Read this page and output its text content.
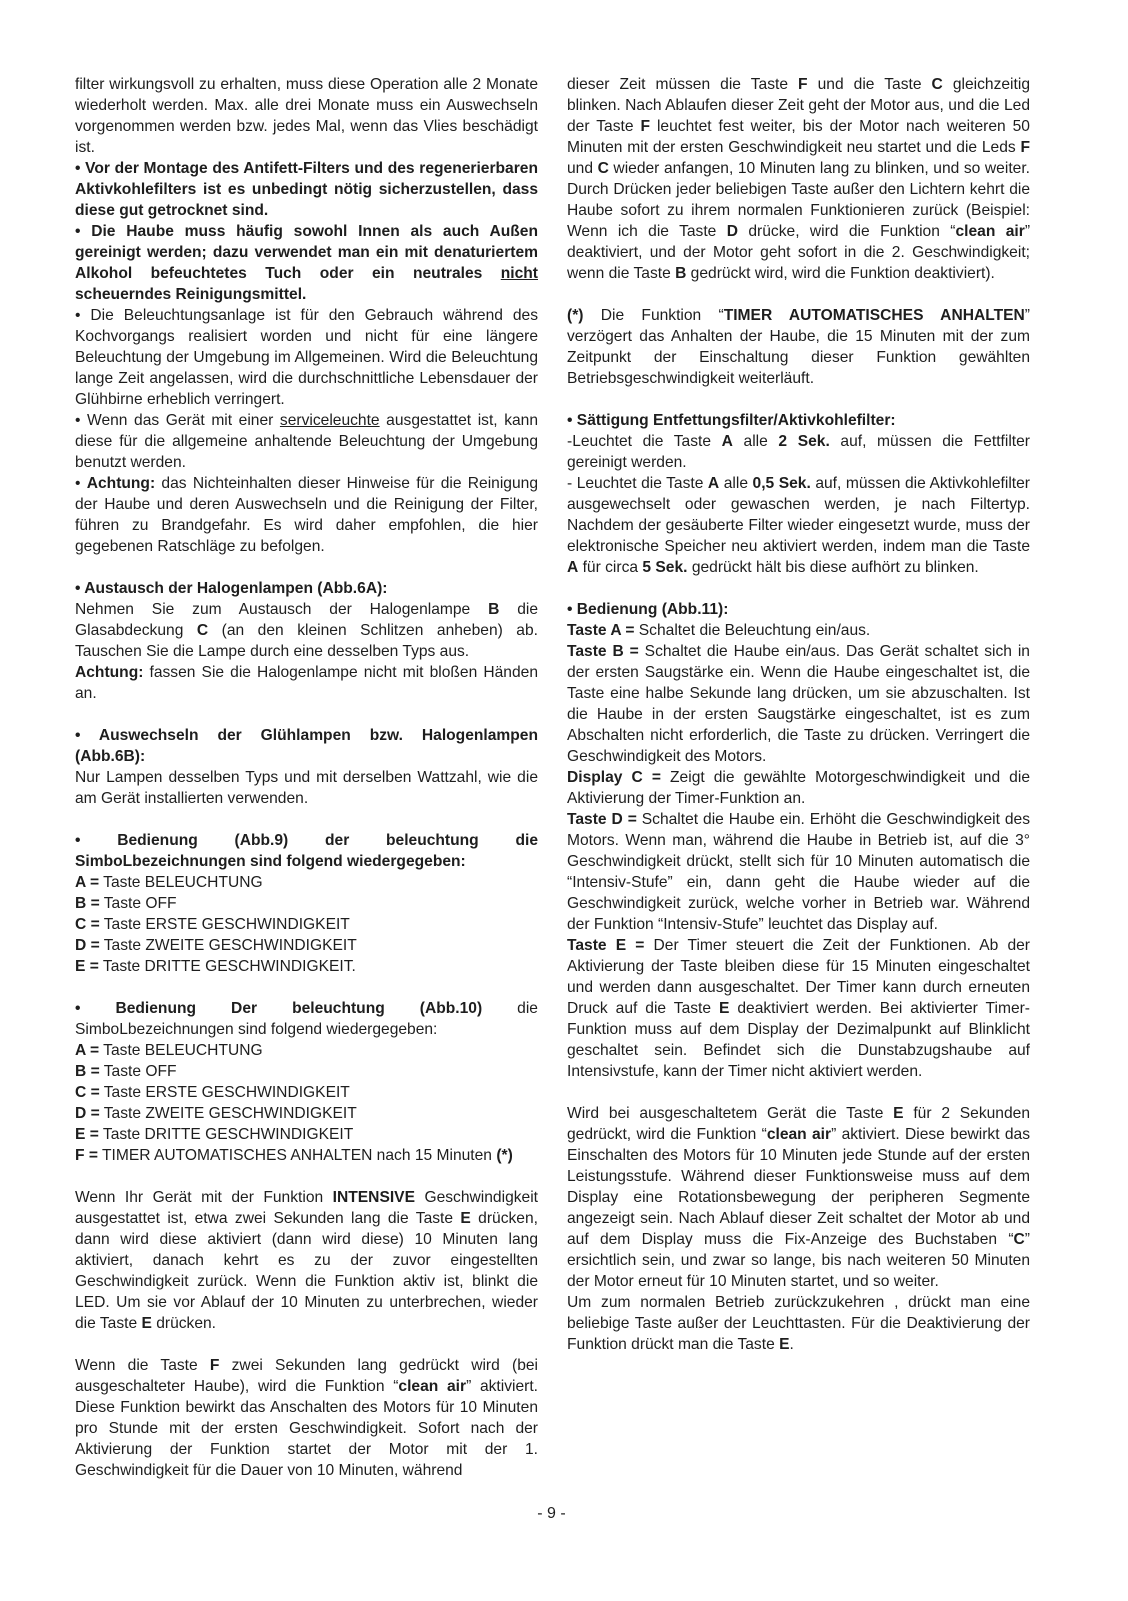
filter wirkungsvoll zu erhalten, muss diese Operation alle 2 Monate wiederholt werden. Max. alle drei Monate muss ein Auswechseln vorgenommen werden bzw. jedes Mal, wenn das Vlies beschädigt ist.

• Vor der Montage des Antifett-Filters und des regenerierbaren Aktivkohlefilters ist es unbedingt nötig sicherzustellen, dass diese gut getrocknet sind.

• Die Haube muss häufig sowohl Innen als auch Außen gereinigt werden; dazu verwendet man ein mit denaturiertem Alkohol befeuchtetes Tuch oder ein neutrales nicht scheuerndes Reinigungsmittel.

• Die Beleuchtungsanlage ist für den Gebrauch während des Kochvorgangs realisiert worden und nicht für eine längere Beleuchtung der Umgebung im Allgemeinen. Wird die Beleuchtung lange Zeit angelassen, wird die durchschnittliche Lebensdauer der Glühbirne erheblich verringert.

• Wenn das Gerät mit einer serviceleuchte ausgestattet ist, kann diese für die allgemeine anhaltende Beleuchtung der Umgebung benutzt werden.

• Achtung: das Nichteinhalten dieser Hinweise für die Reinigung der Haube und deren Auswechseln und die Reinigung der Filter, führen zu Brandgefahr. Es wird daher empfohlen, die hier gegebenen Ratschläge zu befolgen.

• Austausch der Halogenlampen (Abb.6A):

Nehmen Sie zum Austausch der Halogenlampe B die Glasabdeckung C (an den kleinen Schlitzen anheben) ab. Tauschen Sie die Lampe durch eine desselben Typs aus.

Achtung: fassen Sie die Halogenlampe nicht mit bloßen Händen an.

• Auswechseln der Glühlampen bzw. Halogenlampen (Abb.6B):

Nur Lampen desselben Typs und mit derselben Wattzahl, wie die am Gerät installierten verwenden.

• Bedienung (Abb.9) der beleuchtung die SimboLbezeichnungen sind folgend wiedergegeben:

A = Taste BELEUCHTUNG

B = Taste OFF

C = Taste ERSTE GESCHWINDIGKEIT

D = Taste ZWEITE GESCHWINDIGKEIT

E = Taste DRITTE GESCHWINDIGKEIT.

• Bedienung Der beleuchtung (Abb.10) die SimboLbezeichnungen sind folgend wiedergegeben:

A = Taste BELEUCHTUNG

B = Taste OFF

C = Taste ERSTE GESCHWINDIGKEIT

D = Taste ZWEITE GESCHWINDIGKEIT

E = Taste DRITTE GESCHWINDIGKEIT

F = TIMER AUTOMATISCHES ANHALTEN nach 15 Minuten (*)

Wenn Ihr Gerät mit der Funktion INTENSIVE Geschwindigkeit ausgestattet ist, etwa zwei Sekunden lang die Taste E drücken, dann wird diese aktiviert (dann wird diese) 10 Minuten lang aktiviert, danach kehrt es zu der zuvor eingestellten Geschwindigkeit zurück. Wenn die Funktion aktiv ist, blinkt die LED. Um sie vor Ablauf der 10 Minuten zu unterbrechen, wieder die Taste E drücken.

Wenn die Taste F zwei Sekunden lang gedrückt wird (bei ausgeschalteter Haube), wird die Funktion “clean air” aktiviert. Diese Funktion bewirkt das Anschalten des Motors für 10 Minuten pro Stunde mit der ersten Geschwindigkeit. Sofort nach der Aktivierung der Funktion startet der Motor mit der 1. Geschwindigkeit für die Dauer von 10 Minuten, während

dieser Zeit müssen die Taste F und die Taste C gleichzeitig blinken. Nach Ablaufen dieser Zeit geht der Motor aus, und die Led der Taste F leuchtet fest weiter, bis der Motor nach weiteren 50 Minuten mit der ersten Geschwindigkeit neu startet und die Leds F und C wieder anfangen, 10 Minuten lang zu blinken, und so weiter. Durch Drücken jeder beliebigen Taste außer den Lichtern kehrt die Haube sofort zu ihrem normalen Funktionieren zurück (Beispiel: Wenn ich die Taste D drücke, wird die Funktion “clean air” deaktiviert, und der Motor geht sofort in die 2. Geschwindigkeit; wenn die Taste B gedrückt wird, wird die Funktion deaktiviert).

(*) Die Funktion “TIMER AUTOMATISCHES ANHALTEN” verzögert das Anhalten der Haube, die 15 Minuten mit der zum Zeitpunkt der Einschaltung dieser Funktion gewählten Betriebsgeschwindigkeit weiterläuft.

• Sättigung Entfettungsfilter/Aktivkohlefilter:

-Leuchtet die Taste A alle 2 Sek. auf, müssen die Fettfilter gereinigt werden.

- Leuchtet die Taste A alle 0,5 Sek. auf, müssen die Aktivkohlefilter ausgewechselt oder gewaschen werden, je nach Filtertyp. Nachdem der gesäuberte Filter wieder eingesetzt wurde, muss der elektronische Speicher neu aktiviert werden, indem man die Taste A für circa 5 Sek. gedrückt hält bis diese aufhört zu blinken.

• Bedienung (Abb.11):

Taste A = Schaltet die Beleuchtung ein/aus.

Taste B = Schaltet die Haube ein/aus. Das Gerät schaltet sich in der ersten Saugstärke ein. Wenn die Haube eingeschaltet ist, die Taste eine halbe Sekunde lang drücken, um sie abzuschalten. Ist die Haube in der ersten Saugstärke eingeschaltet, ist es zum Abschalten nicht erforderlich, die Taste zu drücken. Verringert die Geschwindigkeit des Motors.

Display C = Zeigt die gewählte Motorgeschwindigkeit und die Aktivierung der Timer-Funktion an.

Taste D = Schaltet die Haube ein. Erhöht die Geschwindigkeit des Motors. Wenn man, während die Haube in Betrieb ist, auf die 3° Geschwindigkeit drückt, stellt sich für 10 Minuten automatisch die “Intensiv-Stufe” ein, dann geht die Haube wieder auf die Geschwindigkeit zurück, welche vorher in Betrieb war. Während der Funktion “Intensiv-Stufe” leuchtet das Display auf.

Taste E = Der Timer steuert die Zeit der Funktionen. Ab der Aktivierung der Taste bleiben diese für 15 Minuten eingeschaltet und werden dann ausgeschaltet. Der Timer kann durch erneuten Druck auf die Taste E deaktiviert werden. Bei aktivierter Timer-Funktion muss auf dem Display der Dezimalpunkt auf Blinklicht geschaltet sein. Befindet sich die Dunstabzugshaube auf Intensivstufe, kann der Timer nicht aktiviert werden.

Wird bei ausgeschaltetem Gerät die Taste E für 2 Sekunden gedrückt, wird die Funktion “clean air” aktiviert. Diese bewirkt das Einschalten des Motors für 10 Minuten jede Stunde auf der ersten Leistungsstufe. Während dieser Funktionsweise muss auf dem Display eine Rotationsbewegung der peripheren Segmente angezeigt sein. Nach Ablauf dieser Zeit schaltet der Motor ab und auf dem Display muss die Fix-Anzeige des Buchstaben “C” ersichtlich sein, und zwar so lange, bis nach weiteren 50 Minuten der Motor erneut für 10 Minuten startet, und so weiter.

Um zum normalen Betrieb zurückzukehren , drückt man eine beliebige Taste außer der Leuchttasten. Für die Deaktivierung der Funktion drückt man die Taste E.

- 9 -
